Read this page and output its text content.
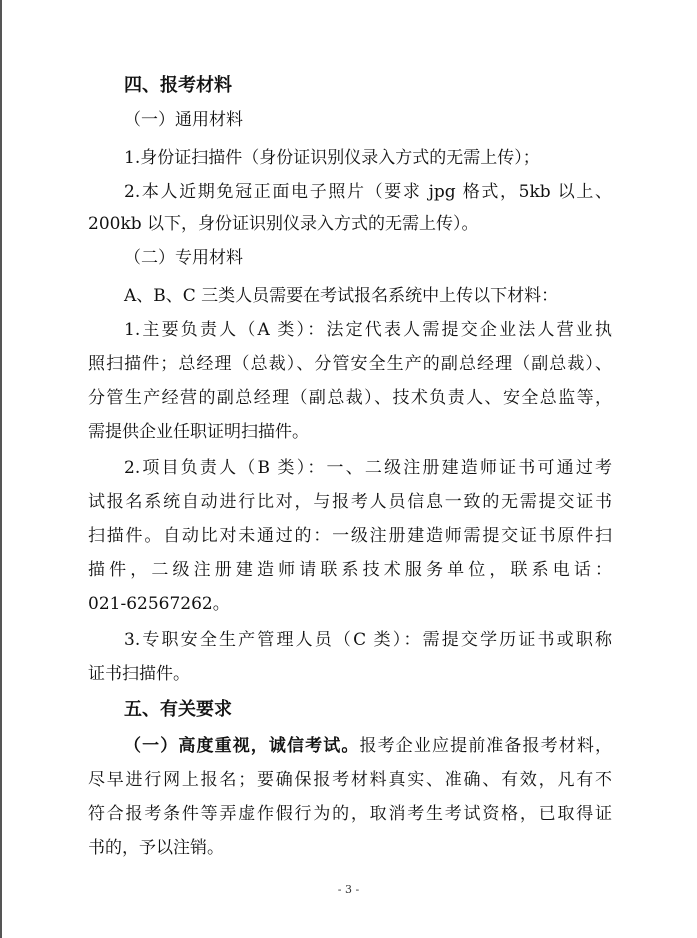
四、报考材料
（一）通用材料
1.身份证扫描件（身份证识别仪录入方式的无需上传）；
2.本人近期免冠正面电子照片（要求 jpg 格式，5kb 以上、
200kb 以下，身份证识别仪录入方式的无需上传）。
（二）专用材料
A、B、C 三类人员需要在考试报名系统中上传以下材料：
1.主要负责人（A 类）：法定代表人需提交企业法人营业执
照扫描件；总经理（总裁）、分管安全生产的副总经理（副总裁）、
分管生产经营的副总经理（副总裁）、技术负责人、安全总监等，
需提供企业任职证明扫描件。
2.项目负责人（B 类）：一、二级注册建造师证书可通过考
试报名系统自动进行比对，与报考人员信息一致的无需提交证书
扫描件。自动比对未通过的：一级注册建造师需提交证书原件扫
描件，二级注册建造师请联系技术服务单位，联系电话：
021-62567262。
3.专职安全生产管理人员（C 类）：需提交学历证书或职称
证书扫描件。
五、有关要求
（一）高度重视，诚信考试。报考企业应提前准备报考材料，
尽早进行网上报名；要确保报考材料真实、准确、有效，凡有不
符合报考条件等弄虚作假行为的，取消考生考试资格，已取得证
书的，予以注销。
- 3 -
